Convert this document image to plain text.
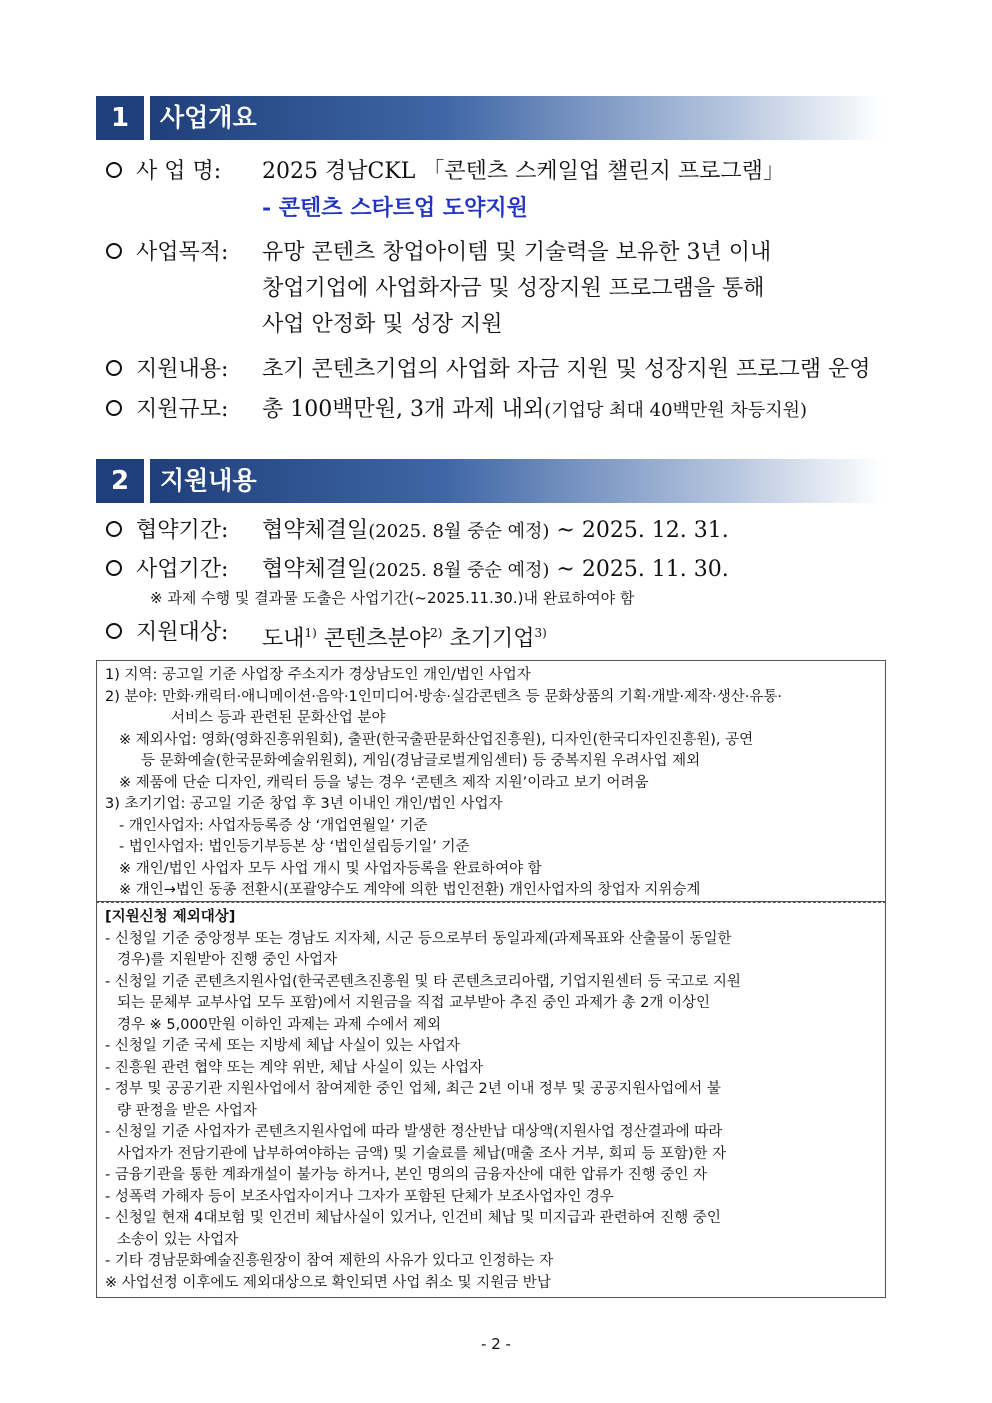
1	사업개요
사 업 명: 2025 경남CKL 「콘텐츠 스케일업 챌린지 프로그램」
- 콘텐츠 스타트업 도약지원
사업목적: 유망 콘텐츠 창업아이템 및 기술력을 보유한 3년 이내
창업기업에 사업화자금 및 성장지원 프로그램을 통해
사업 안정화 및 성장 지원
지원내용: 초기 콘텐츠기업의 사업화 자금 지원 및 성장지원 프로그램 운영
지원규모: 총 100백만원, 3개 과제 내외(기업당 최대 40백만원 차등지원)
2	지원내용
협약기간: 협약체결일(2025. 8월 중순 예정) ~ 2025. 12. 31.
사업기간: 협약체결일(2025. 8월 중순 예정) ~ 2025. 11. 30.
※ 과제 수행 및 결과물 도출은 사업기간(~2025.11.30.)내 완료하여야 함
지원대상: 도내$^{1)}$ 콘텐츠분야$^{2)}$ 초기기업$^{3)}$
1) 지역: 공고일 기준 사업장 주소지가 경상남도인 개인/법인 사업자
2) 분야: 만화·캐릭터·애니메이션·음악·1인미디어·방송·실감콘텐츠 등 문화상품의 기획·개발·제작·생산·유통·
서비스 등과 관련된 문화산업 분야
※ 제외사업: 영화(영화진흥위원회), 출판(한국출판문화산업진흥원), 디자인(한국디자인진흥원), 공연
등 문화예술(한국문화예술위원회), 게임(경남글로벌게임센터) 등 중복지원 우려사업 제외
※ 제품에 단순 디자인, 캐릭터 등을 넣는 경우 ‘콘텐츠 제작 지원’이라고 보기 어려움
3) 초기기업: 공고일 기준 창업 후 3년 이내인 개인/법인 사업자
- 개인사업자: 사업자등록증 상 ‘개업연월일’ 기준
- 법인사업자: 법인등기부등본 상 ‘법인설립등기일’ 기준
※ 개인/법인 사업자 모두 사업 개시 및 사업자등록을 완료하여야 함
※ 개인→법인 동종 전환시(포괄양수도 계약에 의한 법인전환) 개인사업자의 창업자 지위승계
[지원신청 제외대상]
- 신청일 기준 중앙정부 또는 경남도 지자체, 시군 등으로부터 동일과제(과제목표와 산출물이 동일한
경우)를 지원받아 진행 중인 사업자
- 신청일 기준 콘텐츠지원사업(한국콘텐츠진흥원 및 타 콘텐츠코리아랩, 기업지원센터 등 국고로 지원
되는 문체부 교부사업 모두 포함)에서 지원금을 직접 교부받아 추진 중인 과제가 총 2개 이상인
경우 ※ 5,000만원 이하인 과제는 과제 수에서 제외
- 신청일 기준 국세 또는 지방세 체납 사실이 있는 사업자
- 진흥원 관련 협약 또는 계약 위반, 체납 사실이 있는 사업자
- 정부 및 공공기관 지원사업에서 참여제한 중인 업체, 최근 2년 이내 정부 및 공공지원사업에서 불
량 판정을 받은 사업자
- 신청일 기준 사업자가 콘텐츠지원사업에 따라 발생한 정산반납 대상액(지원사업 정산결과에 따라
사업자가 전담기관에 납부하여야하는 금액) 및 기술료를 체납(매출 조사 거부, 회피 등 포함)한 자
- 금융기관을 통한 계좌개설이 불가능 하거나, 본인 명의의 금융자산에 대한 압류가 진행 중인 자
- 성폭력 가해자 등이 보조사업자이거나 그자가 포함된 단체가 보조사업자인 경우
- 신청일 현재 4대보험 및 인건비 체납사실이 있거나, 인건비 체납 및 미지급과 관련하여 진행 중인
소송이 있는 사업자
- 기타 경남문화예술진흥원장이 참여 제한의 사유가 있다고 인정하는 자
※ 사업선정 이후에도 제외대상으로 확인되면 사업 취소 및 지원금 반납
- 2 -
